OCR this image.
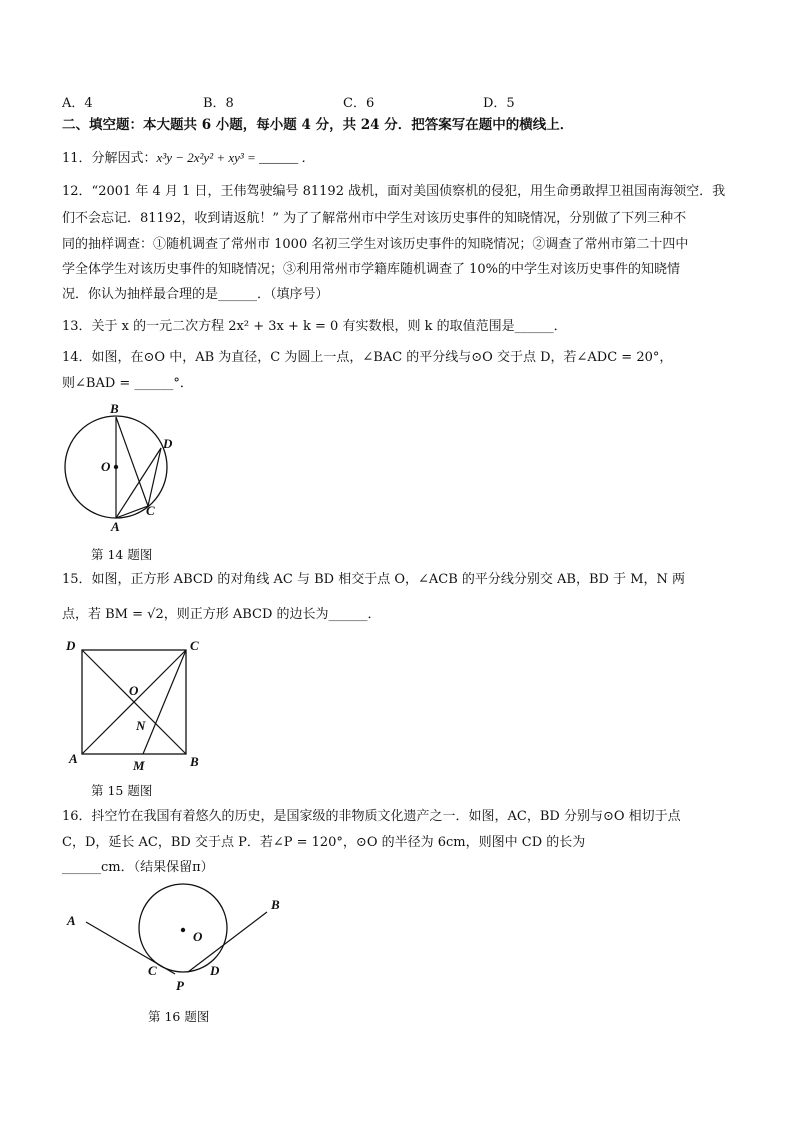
A．4	B．8	C．6	D．5
二、填空题：本大题共 6 小题，每小题 4 分，共 24 分．把答案写在题中的横线上．
11．分解因式：x³y − 2x²y² + xy³ = ______ ．
12．“2001 年 4 月 1 日，王伟驾驶编号 81192 战机，面对美国侦察机的侵犯，用生命勇敢捍卫祖国南海领空．我
们不会忘记．81192，收到请返航！” 为了了解常州市中学生对该历史事件的知晓情况，分别做了下列三种不
同的抽样调查：①随机调查了常州市 1000 名初三学生对该历史事件的知晓情况；②调查了常州市第二十四中
学全体学生对该历史事件的知晓情况；③利用常州市学籍库随机调查了 10%的中学生对该历史事件的知晓情
况．你认为抽样最合理的是______．（填序号）
13．关于 x 的一元二次方程 2x² + 3x + k = 0 有实数根，则 k 的取值范围是______．
14．如图，在⊙O 中，AB 为直径，C 为圆上一点，∠BAC 的平分线与⊙O 交于点 D，若∠ADC = 20°，
则∠BAD = ______°．
B
D
O
C
A
第 14 题图
15．如图，正方形 ABCD 的对角线 AC 与 BD 相交于点 O，∠ACB 的平分线分别交 AB，BD 于 M，N 两
点，若 BM = √2，则正方形 ABCD 的边长为______．
D	C
O
N
A	M	B
第 15 题图
16．抖空竹在我国有着悠久的历史，是国家级的非物质文化遗产之一．如图，AC，BD 分别与⊙O 相切于点
C，D，延长 AC，BD 交于点 P．若∠P = 120°，⊙O 的半径为 6cm，则图中 CD 的长为
______cm．（结果保留π）
A
B
O
C	D
P
第 16 题图
